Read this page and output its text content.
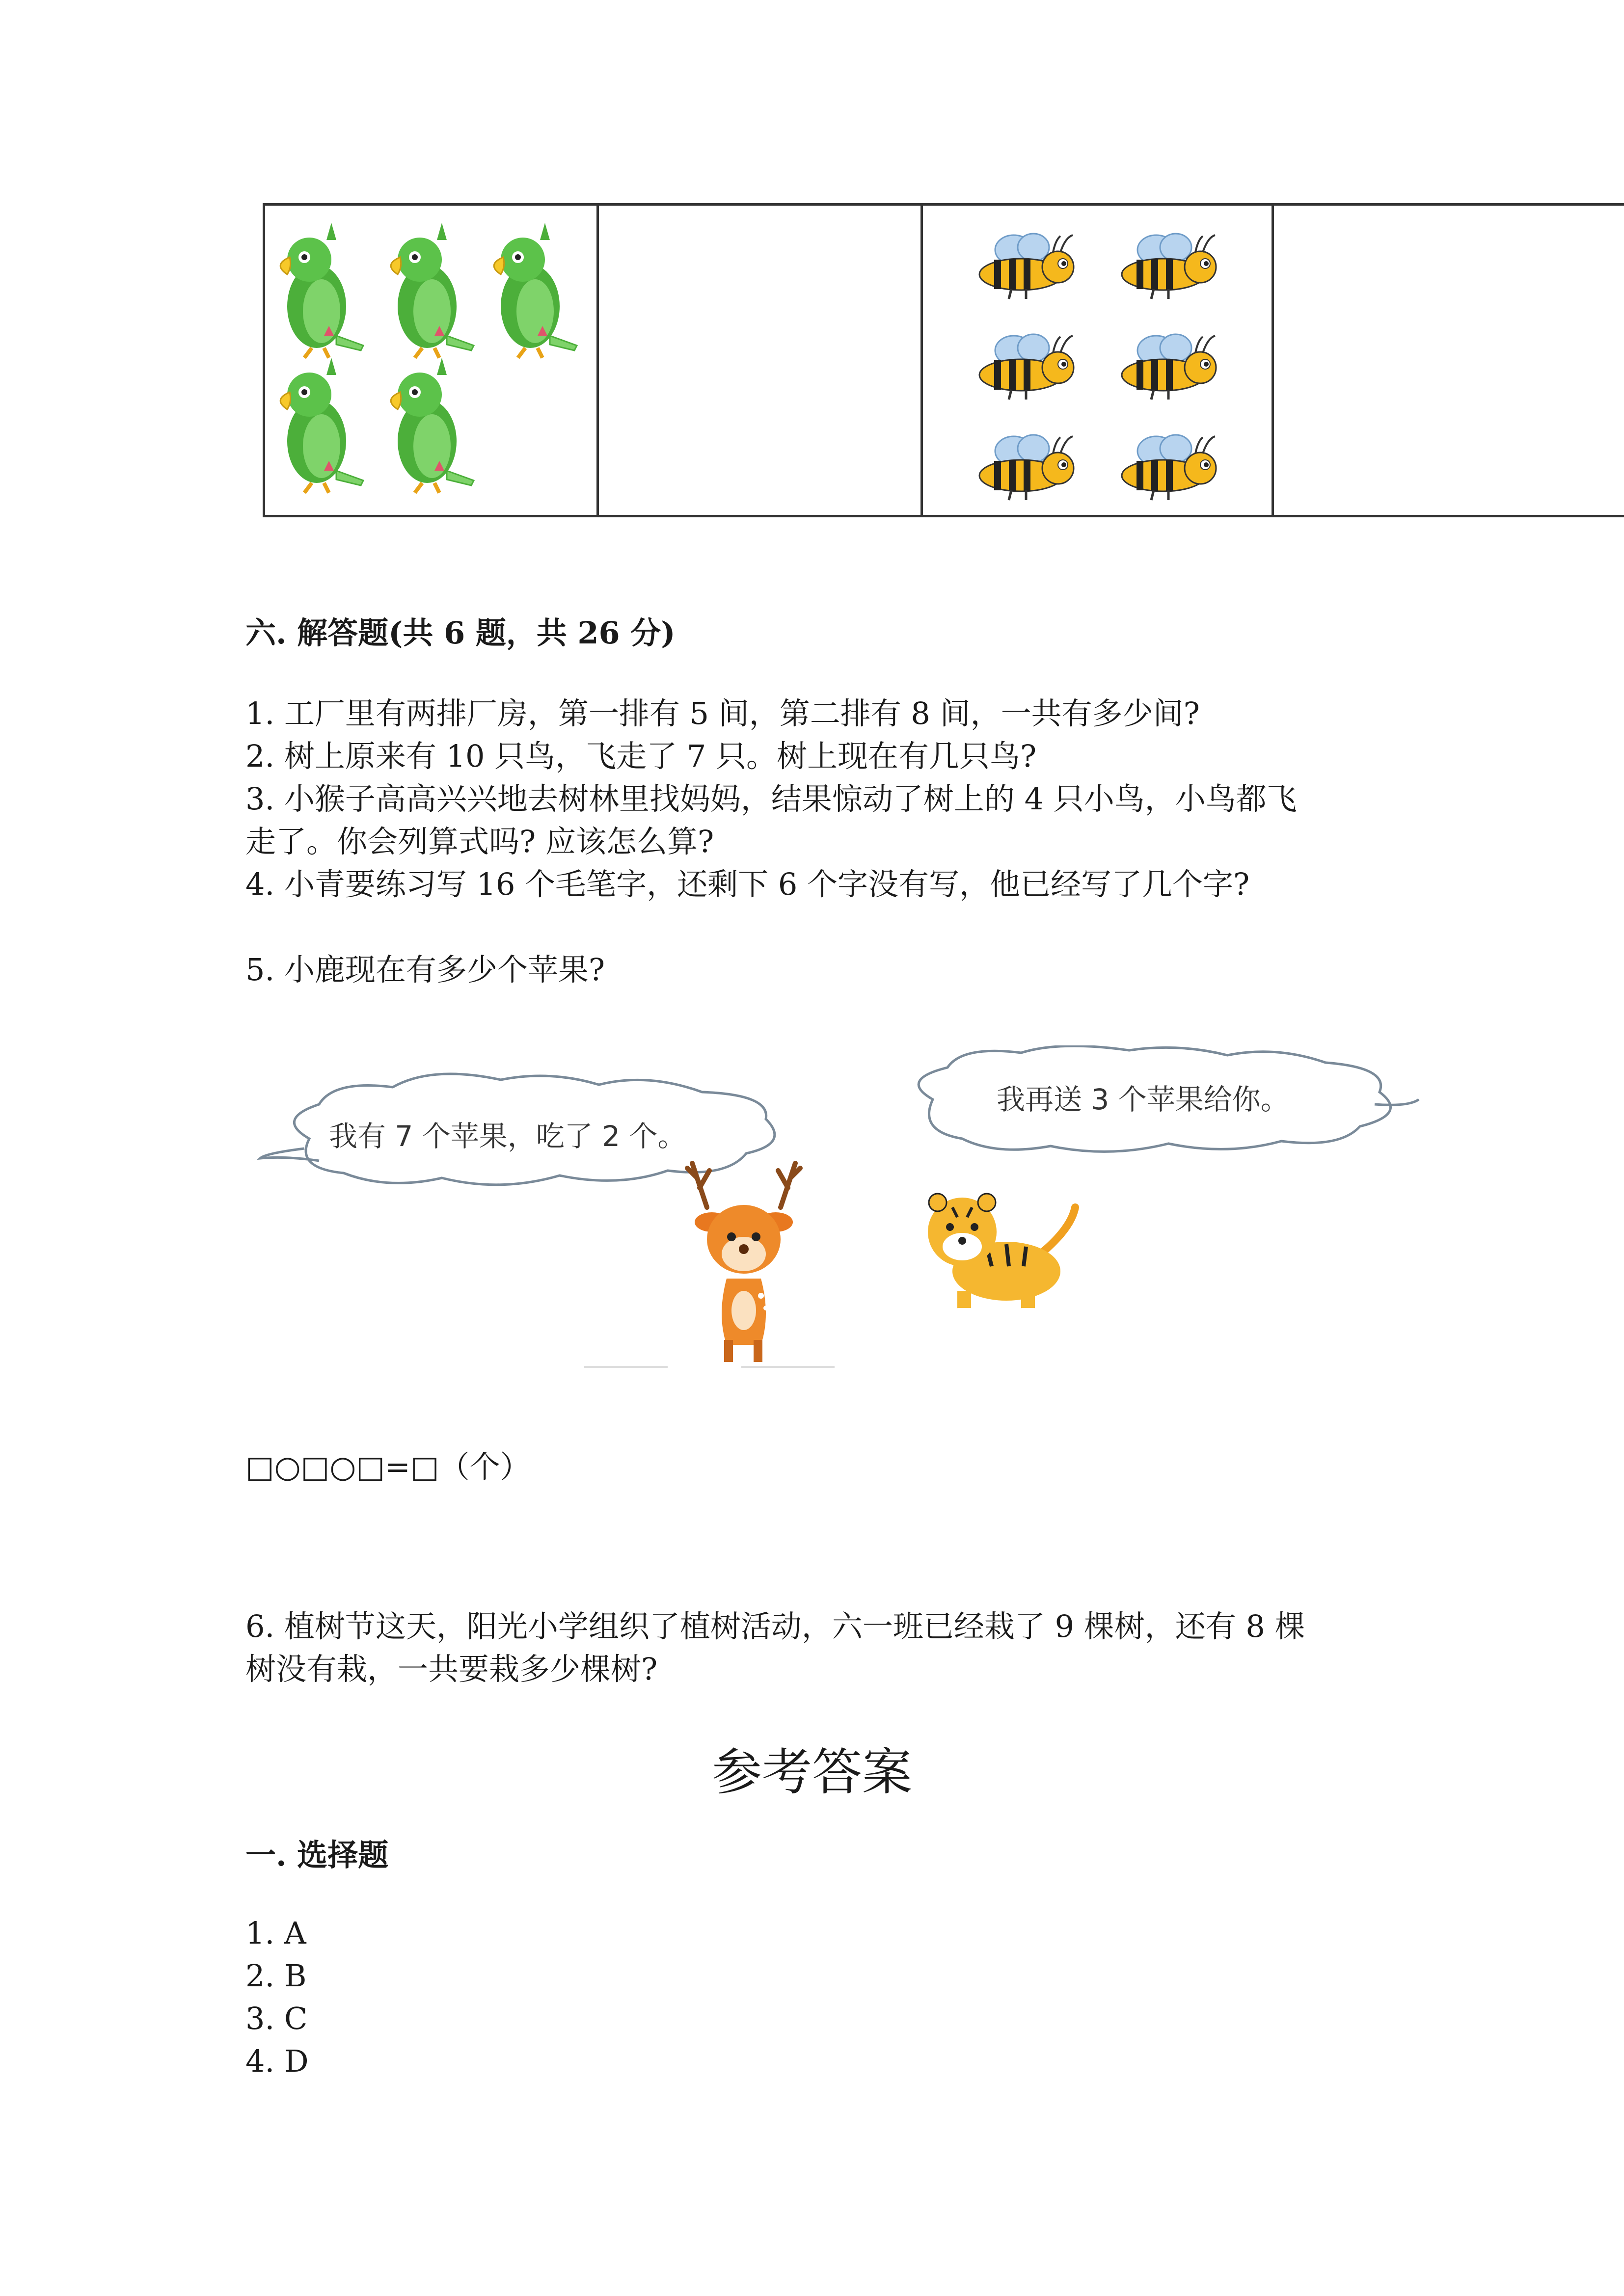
六. 解答题(共 6 题，共 26 分)
1. 工厂里有两排厂房，第一排有 5 间，第二排有 8 间，一共有多少间?
2. 树上原来有 10 只鸟，飞走了 7 只。树上现在有几只鸟?
3. 小猴子高高兴兴地去树林里找妈妈，结果惊动了树上的 4 只小鸟，小鸟都飞
走了。你会列算式吗? 应该怎么算?
4. 小青要练习写 16 个毛笔字，还剩下 6 个字没有写，他已经写了几个字?
5. 小鹿现在有多少个苹果?
我有 7 个苹果，吃了 2 个。
我再送 3 个苹果给你。
□○□○□=□（个）
6. 植树节这天，阳光小学组织了植树活动，六一班已经栽了 9 棵树，还有 8 棵
树没有栽，一共要栽多少棵树?
参考答案
一. 选择题
1. A
2. B
3. C
4. D
